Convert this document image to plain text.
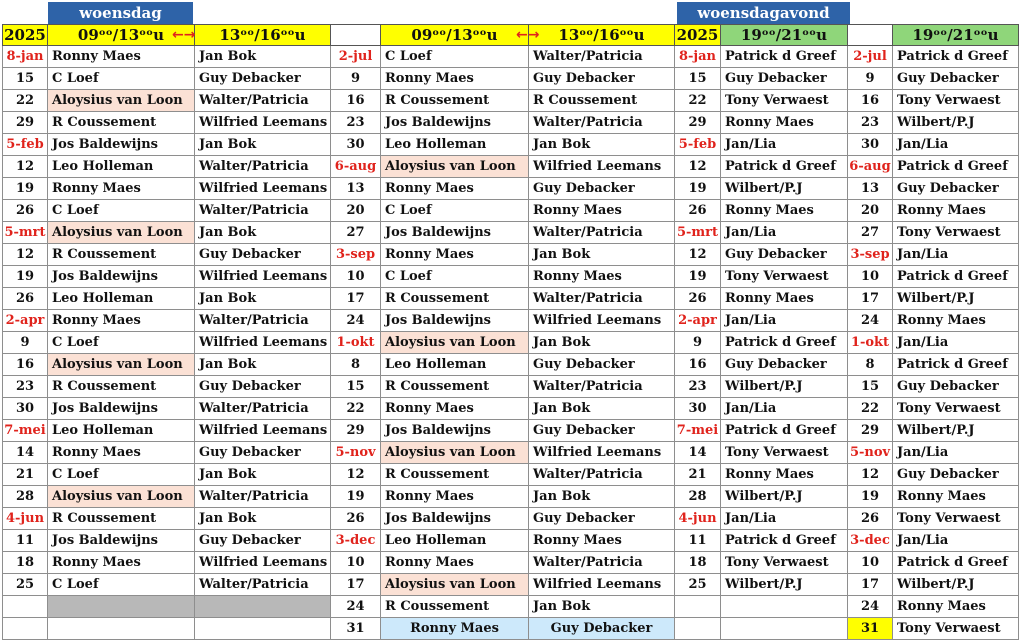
woensdag	woensdagavond
2025	09ᵒᵒ/13ᵒᵒu	13ᵒᵒ/16ᵒᵒu		09ᵒᵒ/13ᵒᵒu	13ᵒᵒ/16ᵒᵒu	2025	19ᵒᵒ/21ᵒᵒu		19ᵒᵒ/21ᵒᵒu
8-jan	Ronny Maes	Jan Bok	2-jul	C Loef	Walter/Patricia	8-jan	Patrick d Greef	2-jul	Patrick d Greef
15	C Loef	Guy Debacker	9	Ronny Maes	Guy Debacker	15	Guy Debacker	9	Guy Debacker
22	Aloysius van Loon	Walter/Patricia	16	R Coussement	R Coussement	22	Tony Verwaest	16	Tony Verwaest
29	R Coussement	Wilfried Leemans	23	Jos Baldewijns	Walter/Patricia	29	Ronny Maes	23	Wilbert/P.J
5-feb	Jos Baldewijns	Jan Bok	30	Leo Holleman	Jan Bok	5-feb	Jan/Lia	30	Jan/Lia
12	Leo Holleman	Walter/Patricia	6-aug	Aloysius van Loon	Wilfried Leemans	12	Patrick d Greef	6-aug	Patrick d Greef
19	Ronny Maes	Wilfried Leemans	13	Ronny Maes	Guy Debacker	19	Wilbert/P.J	13	Guy Debacker
26	C Loef	Walter/Patricia	20	C Loef	Ronny Maes	26	Ronny Maes	20	Ronny Maes
5-mrt	Aloysius van Loon	Jan Bok	27	Jos Baldewijns	Walter/Patricia	5-mrt	Jan/Lia	27	Tony Verwaest
12	R Coussement	Guy Debacker	3-sep	Ronny Maes	Jan Bok	12	Guy Debacker	3-sep	Jan/Lia
19	Jos Baldewijns	Wilfried Leemans	10	C Loef	Ronny Maes	19	Tony Verwaest	10	Patrick d Greef
26	Leo Holleman	Jan Bok	17	R Coussement	Walter/Patricia	26	Ronny Maes	17	Wilbert/P.J
2-apr	Ronny Maes	Walter/Patricia	24	Jos Baldewijns	Wilfried Leemans	2-apr	Jan/Lia	24	Ronny Maes
9	C Loef	Wilfried Leemans	1-okt	Aloysius van Loon	Jan Bok	9	Patrick d Greef	1-okt	Jan/Lia
16	Aloysius van Loon	Jan Bok	8	Leo Holleman	Guy Debacker	16	Guy Debacker	8	Patrick d Greef
23	R Coussement	Guy Debacker	15	R Coussement	Walter/Patricia	23	Wilbert/P.J	15	Guy Debacker
30	Jos Baldewijns	Walter/Patricia	22	Ronny Maes	Jan Bok	30	Jan/Lia	22	Tony Verwaest
7-mei	Leo Holleman	Wilfried Leemans	29	Jos Baldewijns	Guy Debacker	7-mei	Patrick d Greef	29	Wilbert/P.J
14	Ronny Maes	Guy Debacker	5-nov	Aloysius van Loon	Wilfried Leemans	14	Tony Verwaest	5-nov	Jan/Lia
21	C Loef	Jan Bok	12	R Coussement	Walter/Patricia	21	Ronny Maes	12	Guy Debacker
28	Aloysius van Loon	Walter/Patricia	19	Ronny Maes	Jan Bok	28	Wilbert/P.J	19	Ronny Maes
4-jun	R Coussement	Jan Bok	26	Jos Baldewijns	Guy Debacker	4-jun	Jan/Lia	26	Tony Verwaest
11	Jos Baldewijns	Guy Debacker	3-dec	Leo Holleman	Ronny Maes	11	Patrick d Greef	3-dec	Jan/Lia
18	Ronny Maes	Wilfried Leemans	10	Ronny Maes	Walter/Patricia	18	Tony Verwaest	10	Patrick d Greef
25	C Loef	Walter/Patricia	17	Aloysius van Loon	Wilfried Leemans	25	Wilbert/P.J	17	Wilbert/P.J
			24	R Coussement	Jan Bok			24	Ronny Maes
			31	Ronny Maes	Guy Debacker			31	Tony Verwaest
←→	←→
